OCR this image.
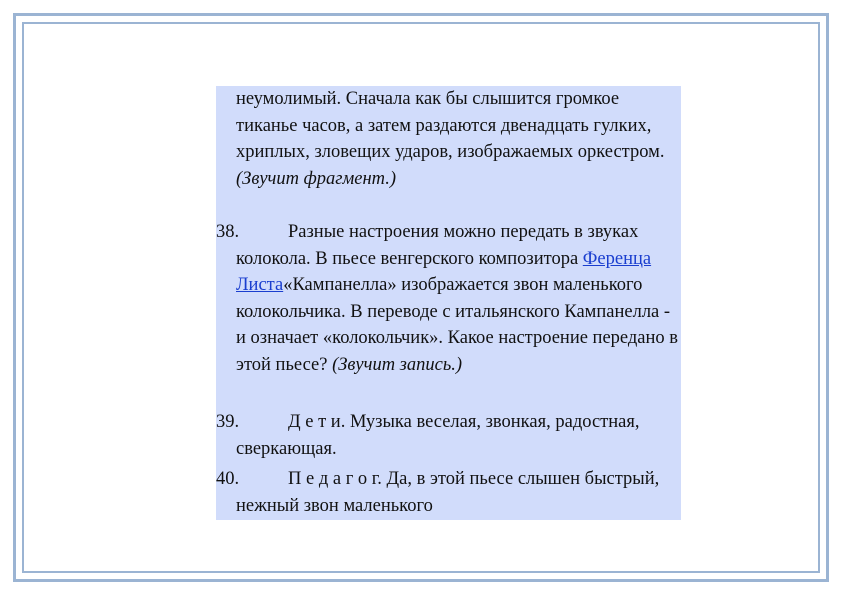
неумолимый. Сначала как бы слышится громкое тиканье часов, а затем раздаются двенадцать гулких, хриплых, зловещих ударов, изображаемых оркестром. (Звучит фрагмент.)

38.	Разные настроения можно передать в звуках колокола. В пьесе венгерского композитора Ференца Листа«Кампанелла» изображается звон маленького колокольчика. В переводе с итальянского Кампанелла - и означает «колокольчик». Какое настроение передано в этой пьесе? (Звучит запись.)

39.	Д е т и. Музыка веселая, звонкая, радостная, сверкающая.

40.	П е д а г о г. Да, в этой пьесе слышен быстрый, нежный звон маленького
